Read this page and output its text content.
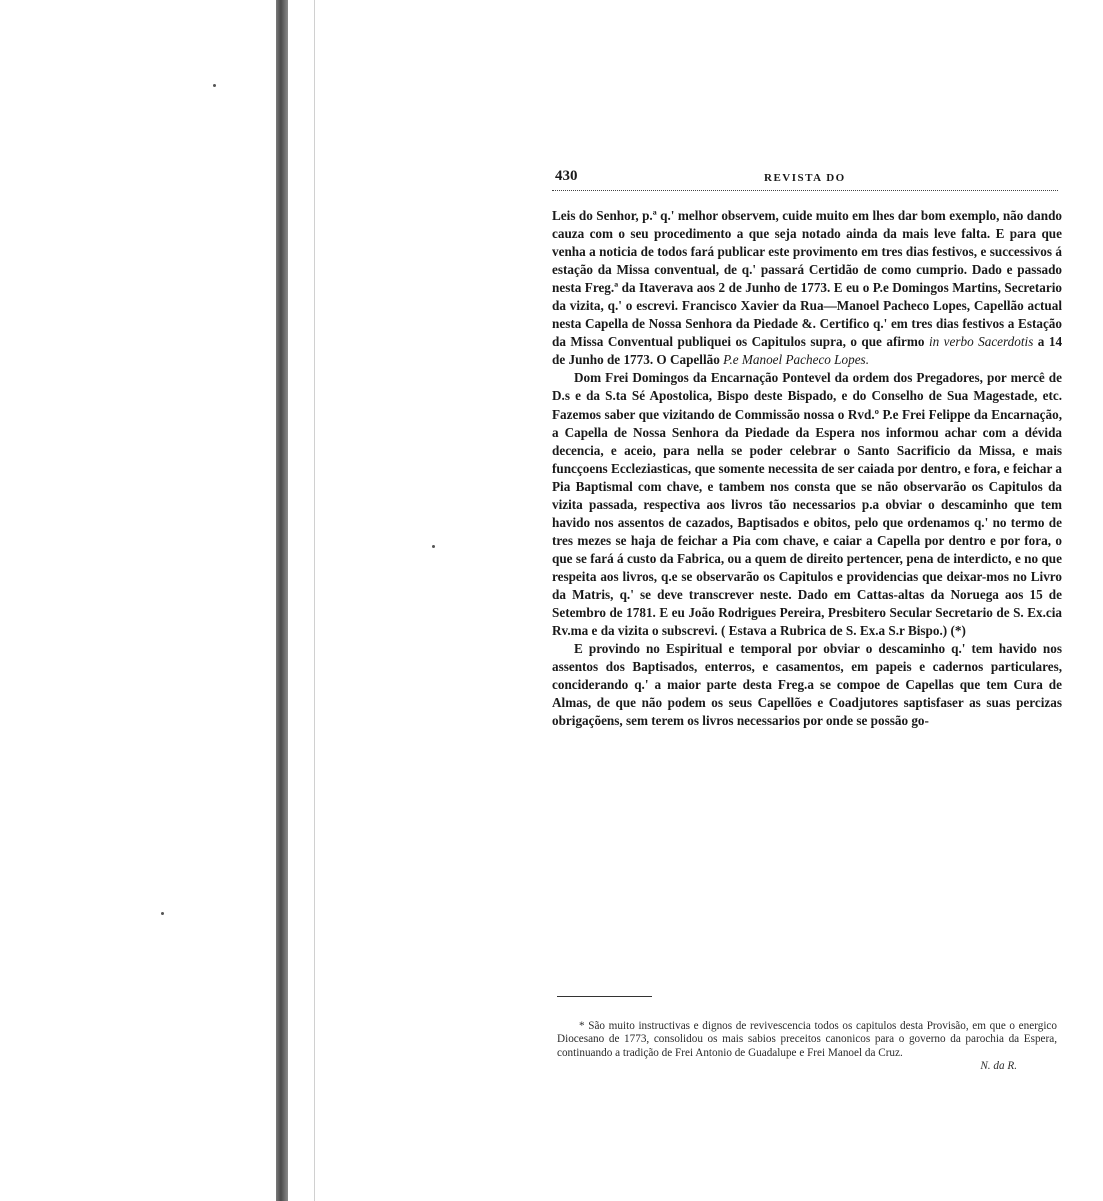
430	REVISTA DO

Leis do Senhor, p.ª q.' melhor observem, cuide muito em lhes dar bom exemplo, não dando cauza com o seu procedimento a que seja notado ainda da mais leve falta. E para que venha a noticia de todos fará publicar este provimento em tres dias festivos, e successivos á estação da Missa conventual, de q.' passará Certidão de como cumprio. Dado e passado nesta Freg.ª da Itaverava aos 2 de Junho de 1773. E eu o P.e Domingos Martins, Secretario da vizita, q.' o escrevi. Francisco Xavier da Rua—Manoel Pacheco Lopes, Capellão actual nesta Capella de Nossa Senhora da Piedade &. Certifico q.' em tres dias festivos a Estação da Missa Conventual publiquei os Capitulos supra, o que afirmo in verbo Sacerdotis a 14 de Junho de 1773. O Capellão P.e Manoel Pacheco Lopes.

Dom Frei Domingos da Encarnação Pontevel da ordem dos Pregadores, por mercê de D.s e da S.ta Sé Apostolica, Bispo deste Bispado, e do Conselho de Sua Magestade, etc. Fazemos saber que vizitando de Commissão nossa o Rvd.º P.e Frei Felippe da Encarnação, a Capella de Nossa Senhora da Piedade da Espera nos informou achar com a dévida decencia, e aceio, para nella se poder celebrar o Santo Sacrificio da Missa, e mais funcçoens Eccleziasticas, que somente necessita de ser caiada por dentro, e fora, e feichar a Pia Baptismal com chave, e tambem nos consta que se não observarão os Capitulos da vizita passada, respectiva aos livros tão necessarios p.a obviar o descaminho que tem havido nos assentos de cazados, Baptisados e obitos, pelo que ordenamos q.' no termo de tres mezes se haja de feichar a Pia com chave, e caiar a Capella por dentro e por fora, o que se fará á custo da Fabrica, ou a quem de direito pertencer, pena de interdicto, e no que respeita aos livros, q.e se observarão os Capitulos e providencias que deixar-mos no Livro da Matris, q.' se deve transcrever neste. Dado em Cattas-altas da Noruega aos 15 de Setembro de 1781. E eu João Rodrigues Pereira, Presbitero Secular Secretario de S. Ex.cia Rv.ma e da vizita o subscrevi. ( Estava a Rubrica de S. Ex.a S.r Bispo.) (*)

E provindo no Espiritual e temporal por obviar o descaminho q.' tem havido nos assentos dos Baptisados, enterros, e casamentos, em papeis e cadernos particulares, conciderando q.' a maior parte desta Freg.a se compoe de Capellas que tem Cura de Almas, de que não podem os seus Capellões e Coadjutores saptisfaser as suas percizas obrigaçõens, sem terem os livros necessarios por onde se possão go-

* São muito instructivas e dignos de revivescencia todos os capitulos desta Provisão, em que o energico Diocesano de 1773, consolidou os mais sabios preceitos canonicos para o governo da parochia da Espera, continuando a tradição de Frei Antonio de Guadalupe e Frei Manoel da Cruz.

N. da R.
